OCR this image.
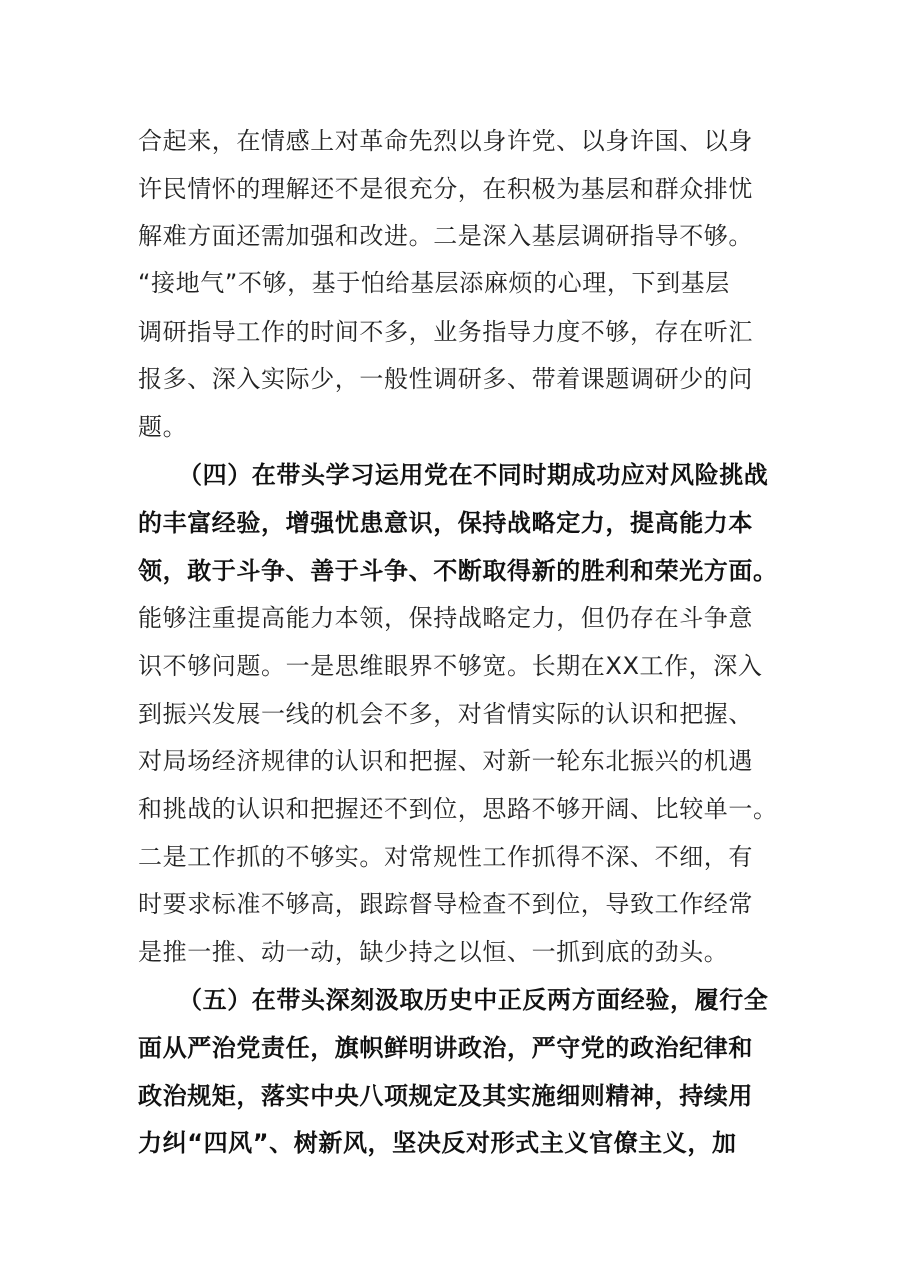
合起来，在情感上对革命先烈以身许党、以身许国、以身
许民情怀的理解还不是很充分，在积极为基层和群众排忧
解难方面还需加强和改进。二是深入基层调研指导不够。
“接地气”不够，基于怕给基层添麻烦的心理，下到基层
调研指导工作的时间不多，业务指导力度不够，存在听汇
报多、深入实际少，一般性调研多、带着课题调研少的问
题。
（四）在带头学习运用党在不同时期成功应对风险挑战
的丰富经验，增强忧患意识，保持战略定力，提高能力本
领，敢于斗争、善于斗争、不断取得新的胜利和荣光方面。
能够注重提高能力本领，保持战略定力，但仍存在斗争意
识不够问题。一是思维眼界不够宽。长期在XX工作，深入
到振兴发展一线的机会不多，对省情实际的认识和把握、
对局场经济规律的认识和把握、对新一轮东北振兴的机遇
和挑战的认识和把握还不到位，思路不够开阔、比较单一。
二是工作抓的不够实。对常规性工作抓得不深、不细，有
时要求标准不够高，跟踪督导检查不到位，导致工作经常
是推一推、动一动，缺少持之以恒、一抓到底的劲头。
（五）在带头深刻汲取历史中正反两方面经验，履行全
面从严治党责任，旗帜鲜明讲政治，严守党的政治纪律和
政治规矩，落实中央八项规定及其实施细则精神，持续用
力纠“四风”、树新风，坚决反对形式主义官僚主义，加
